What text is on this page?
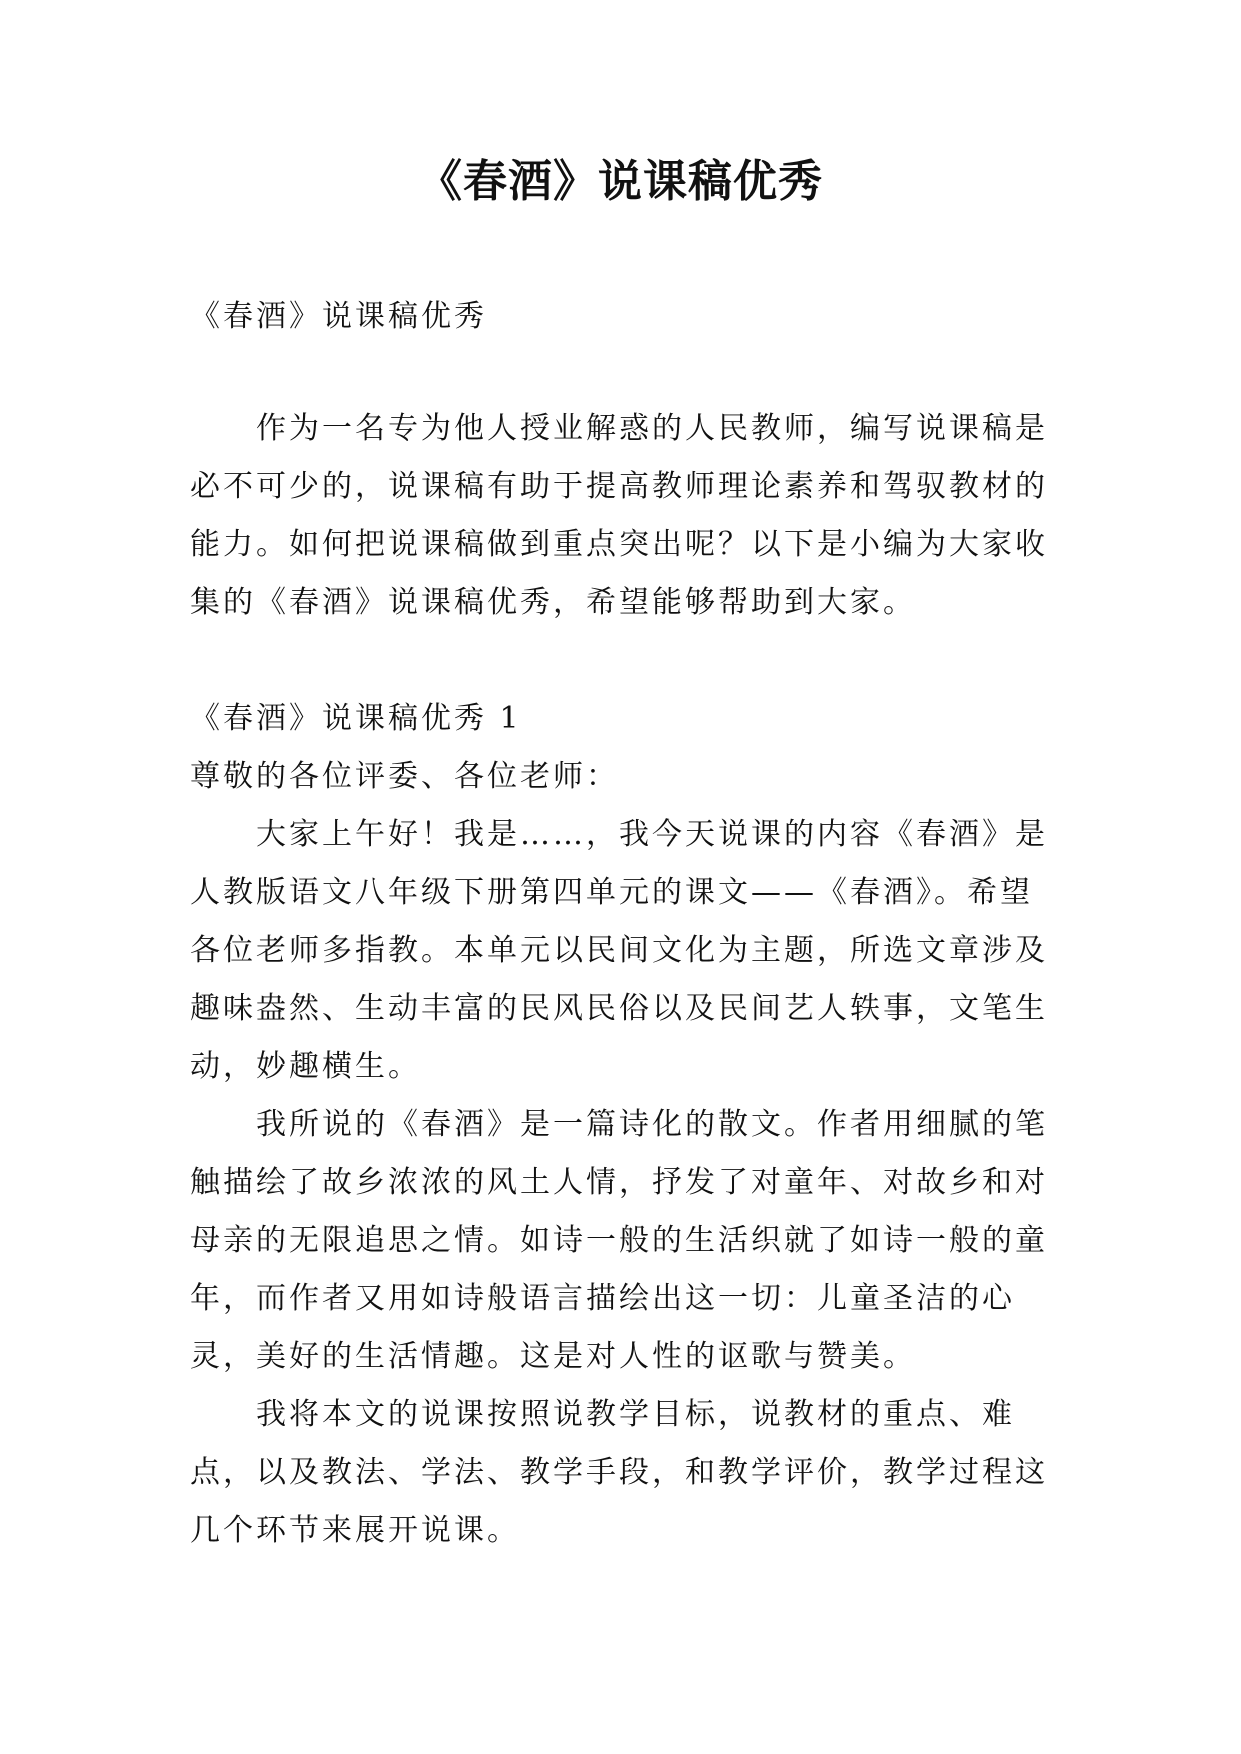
《春酒》说课稿优秀
《春酒》说课稿优秀

作为一名专为他人授业解惑的人民教师，编写说课稿是必不可少的，说课稿有助于提高教师理论素养和驾驭教材的能力。如何把说课稿做到重点突出呢？以下是小编为大家收集的《春酒》说课稿优秀，希望能够帮助到大家。

《春酒》说课稿优秀 1

尊敬的各位评委、各位老师：

大家上午好！我是……，我今天说课的内容《春酒》是人教版语文八年级下册第四单元的课文——《春酒》。希望各位老师多指教。本单元以民间文化为主题，所选文章涉及趣味盎然、生动丰富的民风民俗以及民间艺人轶事，文笔生动，妙趣横生。

我所说的《春酒》是一篇诗化的散文。作者用细腻的笔触描绘了故乡浓浓的风土人情，抒发了对童年、对故乡和对母亲的无限追思之情。如诗一般的生活织就了如诗一般的童年，而作者又用如诗般语言描绘出这一切：儿童圣洁的心灵，美好的生活情趣。这是对人性的讴歌与赞美。

我将本文的说课按照说教学目标，说教材的重点、难点，以及教法、学法、教学手段，和教学评价，教学过程这几个环节来展开说课。
